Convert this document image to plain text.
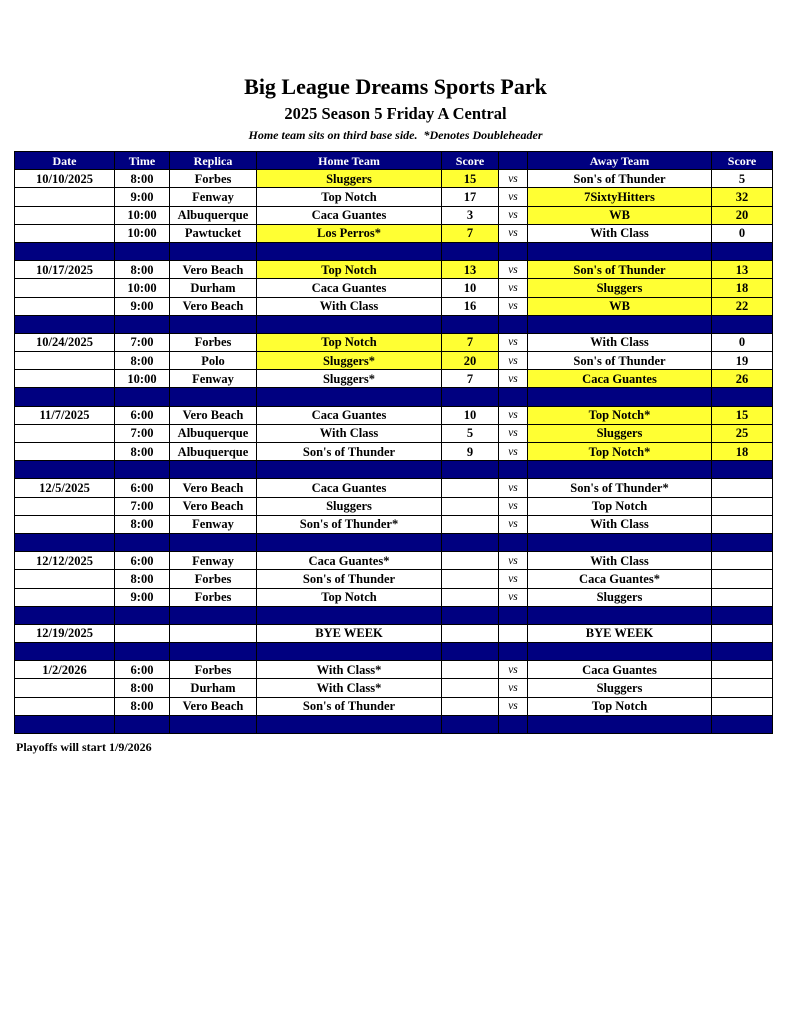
Big League Dreams Sports Park
2025 Season 5 Friday A Central
Home team sits on third base side.  *Denotes Doubleheader
Date	Time	Replica	Home Team	Score		Away Team	Score
10/10/2025	8:00	Forbes	Sluggers	15	vs	Son's of Thunder	5
	9:00	Fenway	Top Notch	17	vs	7SixtyHitters	32
	10:00	Albuquerque	Caca Guantes	3	vs	WB	20
	10:00	Pawtucket	Los Perros*	7	vs	With Class	0

10/17/2025	8:00	Vero Beach	Top Notch	13	vs	Son's of Thunder	13
	10:00	Durham	Caca Guantes	10	vs	Sluggers	18
	9:00	Vero Beach	With Class	16	vs	WB	22

10/24/2025	7:00	Forbes	Top Notch	7	vs	With Class	0
	8:00	Polo	Sluggers*	20	vs	Son's of Thunder	19
	10:00	Fenway	Sluggers*	7	vs	Caca Guantes	26

11/7/2025	6:00	Vero Beach	Caca Guantes	10	vs	Top Notch*	15
	7:00	Albuquerque	With Class	5	vs	Sluggers	25
	8:00	Albuquerque	Son's of Thunder	9	vs	Top Notch*	18

12/5/2025	6:00	Vero Beach	Caca Guantes		vs	Son's of Thunder*	
	7:00	Vero Beach	Sluggers		vs	Top Notch	
	8:00	Fenway	Son's of Thunder*		vs	With Class	

12/12/2025	6:00	Fenway	Caca Guantes*		vs	With Class	
	8:00	Forbes	Son's of Thunder		vs	Caca Guantes*	
	9:00	Forbes	Top Notch		vs	Sluggers	

12/19/2025			BYE WEEK			BYE WEEK	

1/2/2026	6:00	Forbes	With Class*		vs	Caca Guantes	
	8:00	Durham	With Class*		vs	Sluggers	
	8:00	Vero Beach	Son's of Thunder		vs	Top Notch	

Playoffs will start 1/9/2026
